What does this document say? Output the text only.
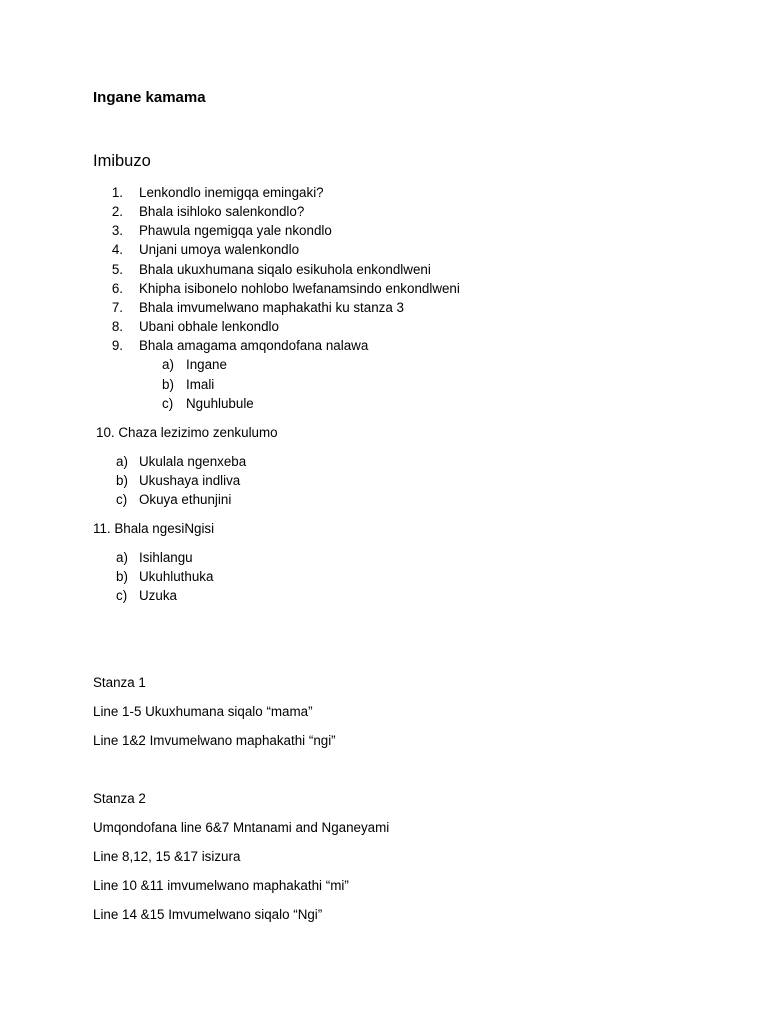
Ingane kamama
Imibuzo
1. Lenkondlo inemigqa emingaki?
2. Bhala isihloko salenkondlo?
3. Phawula ngemigqa yale nkondlo
4. Unjani umoya walenkondlo
5. Bhala ukuxhumana siqalo esikuhola enkondlweni
6. Khipha isibonelo nohlobo lwefanamsindo enkondlweni
7. Bhala imvumelwano maphakathi ku stanza 3
8. Ubani obhale lenkondlo
9. Bhala amagama amqondofana nalawa
a) Ingane
b) Imali
c) Nguhlubule
10. Chaza lezizimo zenkulumo
a) Ukulala ngenxeba
b) Ukushaya indliva
c) Okuya ethunjini
11. Bhala ngesiNgisi
a) Isihlangu
b) Ukuhluthuka
c) Uzuka
Stanza 1
Line 1-5 Ukuxhumana siqalo “mama”
Line 1&2 Imvumelwano maphakathi “ngi”
Stanza 2
Umqondofana line 6&7 Mntanami and Nganeyami
Line 8,12, 15 &17 isizura
Line 10 &11 imvumelwano maphakathi “mi”
Line 14 &15 Imvumelwano siqalo “Ngi”
